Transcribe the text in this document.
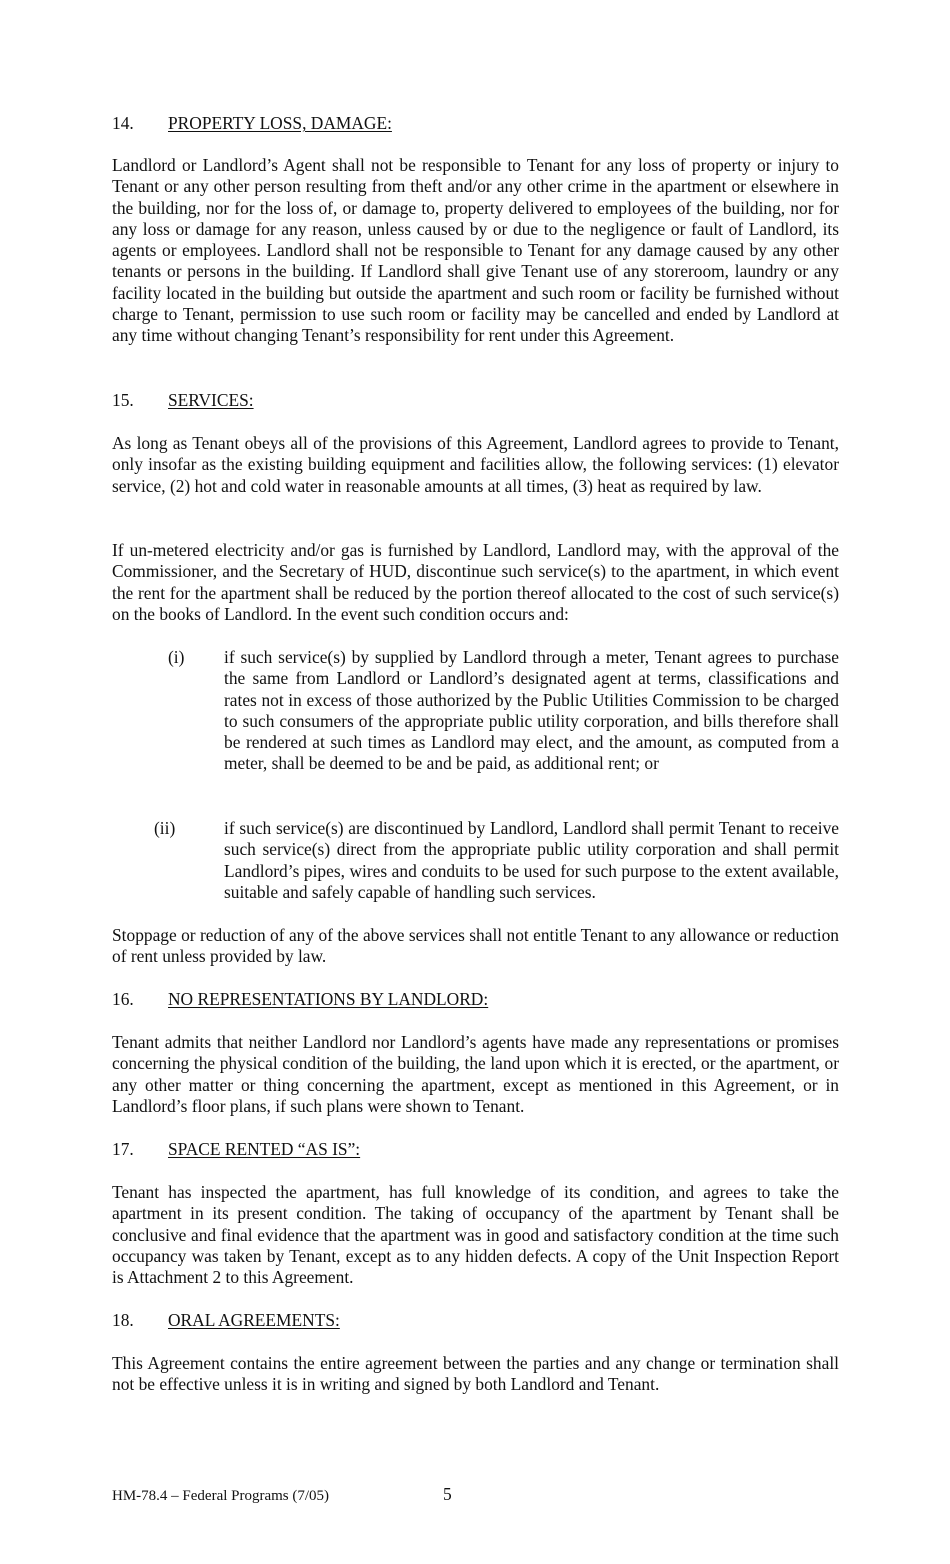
14.	PROPERTY LOSS, DAMAGE:
Landlord or Landlord’s Agent shall not be responsible to Tenant for any loss of property or injury to Tenant or any other person resulting from theft and/or any other crime in the apartment or elsewhere in the building, nor for the loss of, or damage to, property delivered to employees of the building, nor for any loss or damage for any reason, unless caused by or due to the negligence or fault of Landlord, its agents or employees. Landlord shall not be responsible to Tenant for any damage caused by any other tenants or persons in the building. If Landlord shall give Tenant use of any storeroom, laundry or any facility located in the building but outside the apartment and such room or facility be furnished without charge to Tenant, permission to use such room or facility may be cancelled and ended by Landlord at any time without changing Tenant’s responsibility for rent under this Agreement.
15.	SERVICES:
As long as Tenant obeys all of the provisions of this Agreement, Landlord agrees to provide to Tenant, only insofar as the existing building equipment and facilities allow, the following services: (1) elevator service, (2) hot and cold water in reasonable amounts at all times, (3) heat as required by law.
If un-metered electricity and/or gas is furnished by Landlord, Landlord may, with the approval of the Commissioner, and the Secretary of HUD, discontinue such service(s) to the apartment, in which event the rent for the apartment shall be reduced by the portion thereof allocated to the cost of such service(s) on the books of Landlord. In the event such condition occurs and:
(i) if such service(s) by supplied by Landlord through a meter, Tenant agrees to purchase the same from Landlord or Landlord’s designated agent at terms, classifications and rates not in excess of those authorized by the Public Utilities Commission to be charged to such consumers of the appropriate public utility corporation, and bills therefore shall be rendered at such times as Landlord may elect, and the amount, as computed from a meter, shall be deemed to be and be paid, as additional rent; or
(ii)	if such service(s) are discontinued by Landlord, Landlord shall permit Tenant to receive such service(s) direct from the appropriate public utility corporation and shall permit Landlord’s pipes, wires and conduits to be used for such purpose to the extent available, suitable and safely capable of handling such services.
Stoppage or reduction of any of the above services shall not entitle Tenant to any allowance or reduction of rent unless provided by law.
16.	NO REPRESENTATIONS BY LANDLORD:
Tenant admits that neither Landlord nor Landlord’s agents have made any representations or promises concerning the physical condition of the building, the land upon which it is erected, or the apartment, or any other matter or thing concerning the apartment, except as mentioned in this Agreement, or in Landlord’s floor plans, if such plans were shown to Tenant.
17.	SPACE RENTED “AS IS”:
Tenant has inspected the apartment, has full knowledge of its condition, and agrees to take the apartment in its present condition. The taking of occupancy of the apartment by Tenant shall be conclusive and final evidence that the apartment was in good and satisfactory condition at the time such occupancy was taken by Tenant, except as to any hidden defects. A copy of the Unit Inspection Report is Attachment 2 to this Agreement.
18.	ORAL AGREEMENTS:
This Agreement contains the entire agreement between the parties and any change or termination shall not be effective unless it is in writing and signed by both Landlord and Tenant.
HM-78.4 – Federal Programs (7/05)	5
